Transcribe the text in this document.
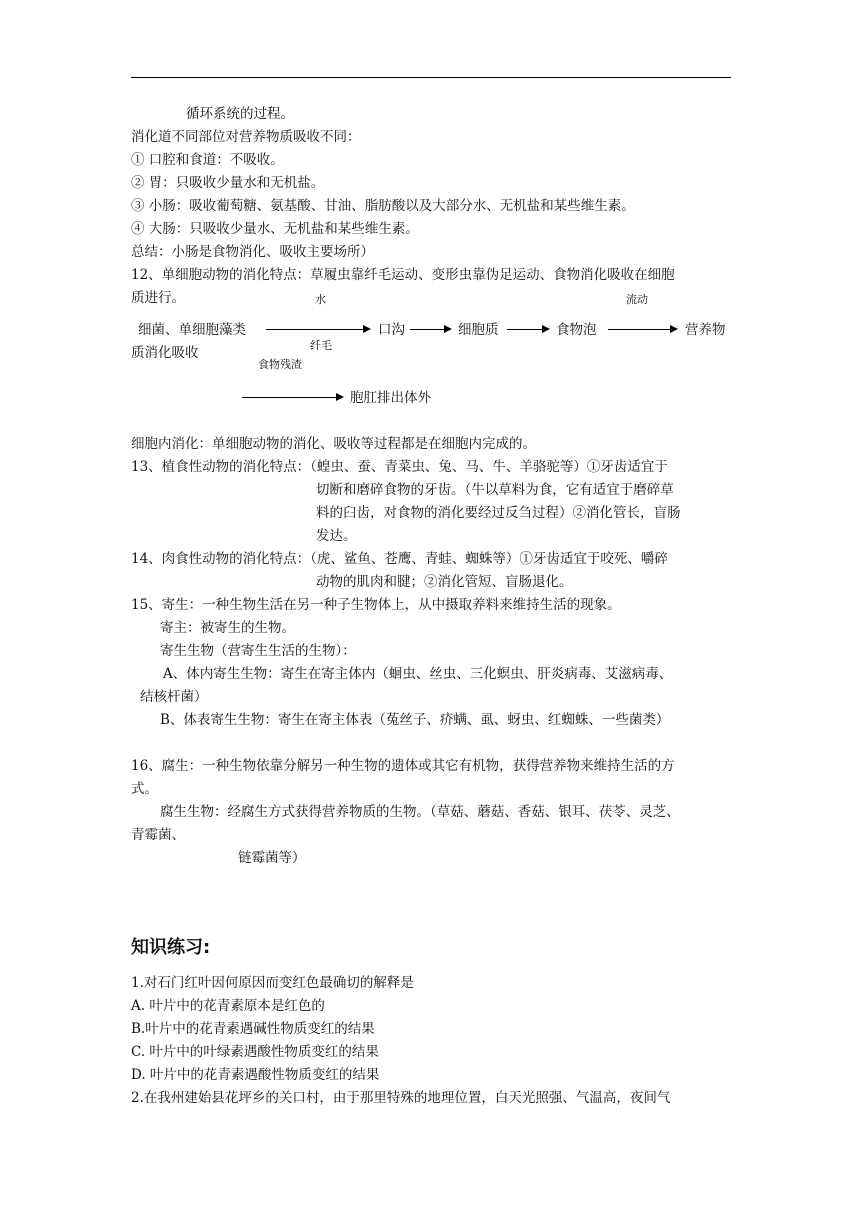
循环系统的过程。
消化道不同部位对营养物质吸收不同：
① 口腔和食道：不吸收。
② 胃：只吸收少量水和无机盐。
③ 小肠：吸收葡萄糖、氨基酸、甘油、脂肪酸以及大部分水、无机盐和某些维生素。
④ 大肠：只吸收少量水、无机盐和某些维生素。
总结：小肠是食物消化、吸收主要场所）
12、单细胞动物的消化特点：草履虫靠纤毛运动、变形虫靠伪足运动、食物消化吸收在细胞
质进行。	水	流动
细菌、单细胞藻类	口沟	细胞质	食物泡	营养物
纤毛
质消化吸收
食物残渣
胞肛排出体外
细胞内消化：单细胞动物的消化、吸收等过程都是在细胞内完成的。
13、植食性动物的消化特点：（蝗虫、蚕、青菜虫、兔、马、牛、羊骆驼等）①牙齿适宜于
切断和磨碎食物的牙齿。（牛以草料为食，它有适宜于磨碎草
料的臼齿，对食物的消化要经过反刍过程）②消化管长，盲肠
发达。
14、肉食性动物的消化特点：（虎、鲨鱼、苍鹰、青蛙、蜘蛛等）①牙齿适宜于咬死、嚼碎
动物的肌肉和腱；②消化管短、盲肠退化。
15、寄生：一种生物生活在另一种子生物体上，从中摄取养料来维持生活的现象。
寄主：被寄生的生物。
寄生生物（营寄生生活的生物）：
A、体内寄生生物：寄生在寄主体内（蛔虫、丝虫、三化螟虫、肝炎病毒、艾滋病毒、
结核杆菌）
B、体表寄生生物：寄生在寄主体表（菟丝子、疥螨、虱、蚜虫、红蜘蛛、一些菌类）
16、腐生：一种生物依靠分解另一种生物的遗体或其它有机物，获得营养物来维持生活的方
式。
腐生生物：经腐生方式获得营养物质的生物。（草菇、蘑菇、香菇、银耳、茯苓、灵芝、
青霉菌、
链霉菌等）
知识练习:
1.对石门红叶因何原因而变红色最确切的解释是
A. 叶片中的花青素原本是红色的
B.叶片中的花青素遇碱性物质变红的结果
C. 叶片中的叶绿素遇酸性物质变红的结果
D. 叶片中的花青素遇酸性物质变红的结果
2.在我州建始县花坪乡的关口村，由于那里特殊的地理位置，白天光照强、气温高，夜间气
